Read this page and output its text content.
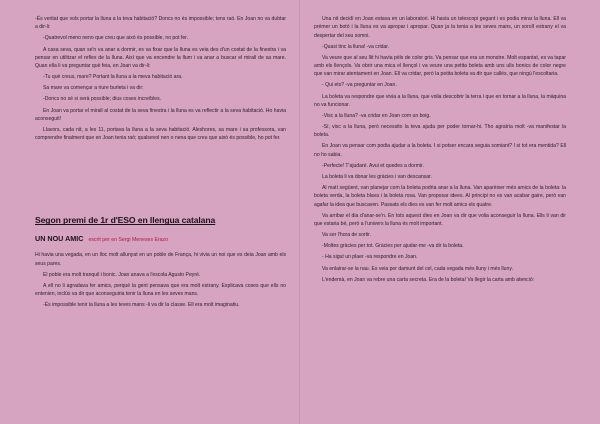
-És veritat que vols portar la lluna a la teva habitació? Doncs no és impossible; tens raó. En Joan no va dubtar a dir-li:

-Quatrevol meno neno que creu que això és possible, no pot fer.

A casa seva, quan se'n va anar a dormir, es va fixar que la lluna es veia des d'un costat de la finestra i va pensar en utilitzar el reflex de la lluna. Així que va encendre la llum i va anar a buscar el mirall de sa mare. Quan ella li va preguntar què feia, en Joan va dir-li:

-Tu què creus, mare? Portant la lluna a la meva habitació ara.

Sa mare va començar a riure burleta i va dir:

-Doncs no sé si serà possible; dius coses increïbles.

En Joan va portar el mirall al costat de la seva finestra i la lluna es va reflectir a la seva habitació. Ho havia aconseguit!

Llavors, cada nit, a les 11, portava la lluna a la seva habitació. Aleshores, sa mare i sa professora, van comprendre finalment que en Joan tenia raó; qualsevol nen o nena que creu que això és possible, ho pot fer.

Segon premi de 1r d'ESO en llengua catalana
UN NOU AMIC escrit per en Sergi Meneses Erazo

Hi havia una vegada, en un lloc molt allunyat en un poble de França, hi vivia un noi que es deia Joan amb els seus pares.

El poble era molt tranquil i bonic. Joan anava a l'escola Agusto Peyré.

A ell no li agradava fer amics, perquè la gent pensava que era molt estrany. Explicava coses que ells no entenien, inclús va dir que aconseguiria tenir la lluna en les seves mans.

-És impossible tenir la lluna a les teves mans -li va dir la classe. Ell era molt imaginatiu.

Una nit decidí en Joan estava en un laboratori. Hi havia un telescopi gegant i es podia mirar la lluna. Ell va prémer un botó i la lluna es va apropar i apropar. Quan ja la tenia a les seves mans, un sorolI estrany el va despertar del seu somni.

-Quasi tinc la lluna! -va cridar.

Va veure que al seu llit hi havia pèls de color gris. Va pensar que era un monstre. Molt espantat, es va tapar amb els llençols. Va obrir una mica el llençol i va veure una petita boleta amb uns ulls bonics de color negre que van mirar atentament en Joan. Ell va cridar, però la petita boleta va dir que callés, que ningú l'escoltaria.

- Qui ets? -va preguntar en Joan.

La boleta va respondre que vivia a la lluna, que volia descobrir la terra i que en tornar a la lluna, la màquina no va funcionar.

-Visc a la lluna? -va cridar en Joan com un boig.

-Sí, visc a la lluna, però necessito la teva ajuda per poder tornar-hi. Tho agraïria molt -va manifestar la boleta.

En Joan va pensar com podia ajudar a la boleta. I si potser encara seguia somiant? I si tot era mentida? Ell no ho sabia.

-Perfecte! T'ajudaré. Avui et quedes a dormir.

La boleta li va donar les gràcies i van descansar.

Al matí següent, van planejar com la boleta podria anar a la lluna. Van aparèixer més amics de la boleta: la boleta verda, la boleta blava i la boleta rosa. Van proposar idees. Al principi no es van acabar gaire, però van agafar la idea que buscaven. Passats els dies es van fer molt amics els quatre.

Va arribar el dia d'anar-se'n. En tots aquest dies en Joan va dir que volia aconseguir la lluna. Ells li van dir que estaria bé, però a l'univers la lluna és molt important.

Va ser l'hora de sortir.

-Moltes gràcies per tot. Gràcies per ajudar-me -va dir la boleta.

- Ha sigut un plaer -va respondre en Joan.

Va enlairar-se la nau. Es veia per damunt del cel, cada vegada més lluny i més lluny.

L'endemà, en Joan va rebre una carta secreta. Era de la boleta! Va llegir la carta amb atenció:
